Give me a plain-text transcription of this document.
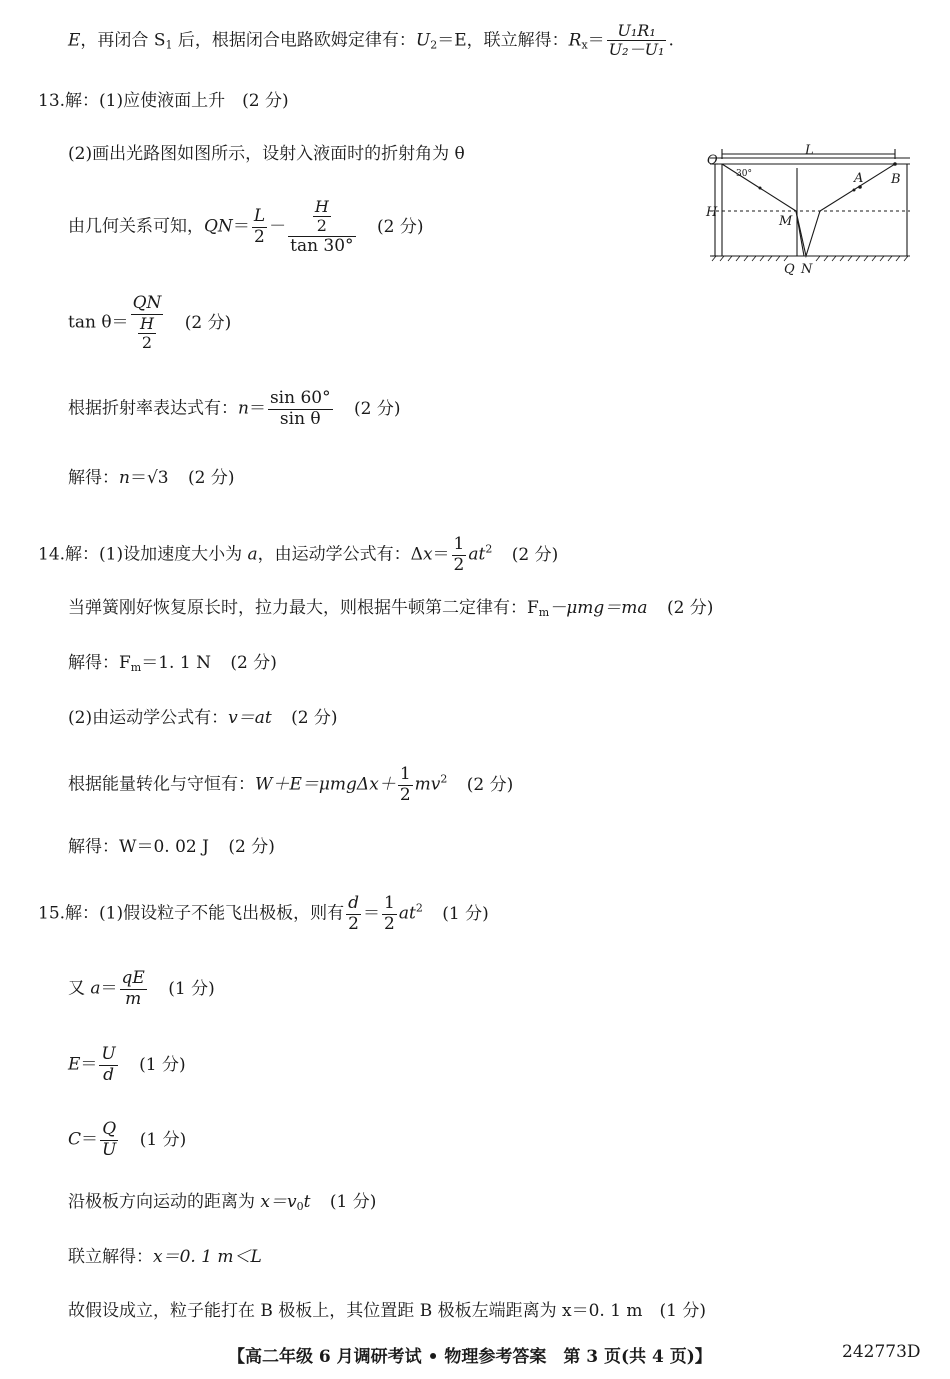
E，再闭合 $S_1$ 后，根据闭合电路欧姆定律有：$U_2=E$，联立解得：$R_x= \frac{\text{U₁R₁}}{\text{U₂－U₁}}$ .
13.解：(1)应使液面上升　(2 分)
(2)画出光路图如图所示，设射入液面时的折射角为 θ
由几何关系可知，$QN= \frac{L}{2} - \frac{\frac{H}{2}}{\tan 30^\circ} (2$ 分)
$\tan \theta= \frac{QN}{\frac{H}{2}} (2$ 分)
根据折射率表达式有：$n= \frac{\sin 60^\circ}{\text{sin θ}} (2$ 分)
解得：n＝√3 (2 分)
L
O
A B
H
M
Q N
30°
14.解：(1)设加速度大小为 a，由运动学公式有：$\Delta x= \frac{1}{2} at^2$ (2 分)
当弹簧刚好恢复原长时，拉力最大，则根据牛顿第二定律有：$F_m-\mu mg=ma$ (2 分)
解得：$F_m=1$. 1 N (2 分)
(2)由运动学公式有：v＝at (2 分)
根据能量转化与守恒有：$W+E=\mu mg\Delta x+ \frac{1}{2} mv^2$ (2 分)
解得：W＝0. 02 J (2 分)
15.解：(1)假设粒子不能飞出极板，则有 $\frac{d}{2} = \frac{1}{2} at^2$ (1 分)
又 $a= \frac{qE}{m} (1$ 分)
$E= \frac{U}{d} (1$ 分)
$C= \frac{Q}{U} (1$ 分)
沿极板方向运动的距离为 $x=v_0t$ (1 分)
联立解得：x＝0. 1 m＜L
故假设成立，粒子能打在 B 极板上，其位置距 B 极板左端距离为 x＝0. 1 m　(1 分)
【高二年级 6 月调研考试 • 物理参考答案　第 3 页(共 4 页)】	242773D
